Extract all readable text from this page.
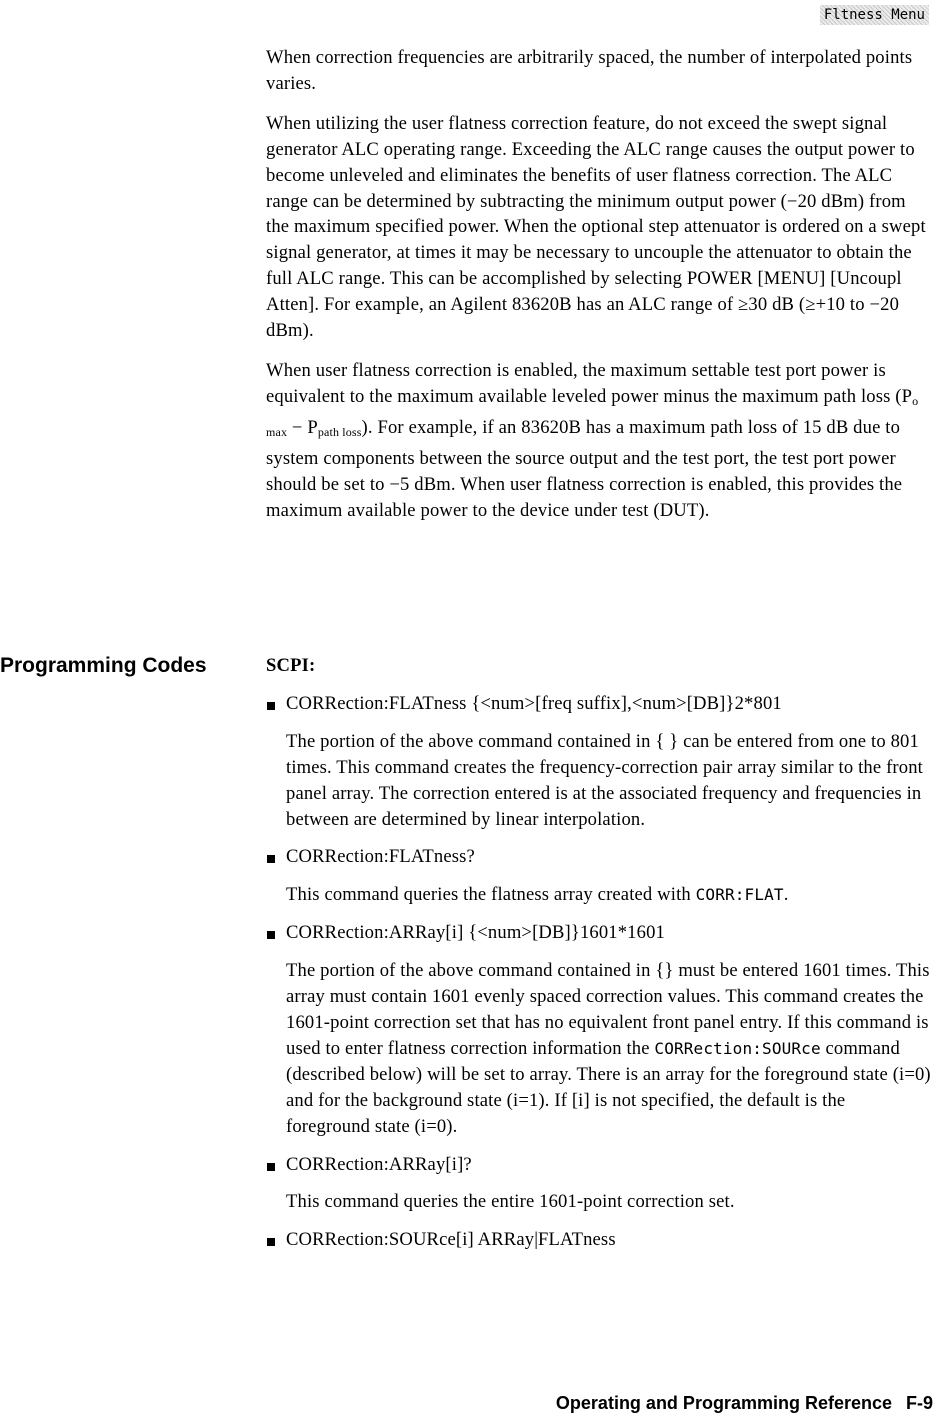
Fltness Menu

When correction frequencies are arbitrarily spaced, the number of interpolated points varies.

When utilizing the user flatness correction feature, do not exceed the swept signal generator ALC operating range. Exceeding the ALC range causes the output power to become unleveled and eliminates the benefits of user flatness correction. The ALC range can be determined by subtracting the minimum output power (−20 dBm) from the maximum specified power. When the optional step attenuator is ordered on a swept signal generator, at times it may be necessary to uncouple the attenuator to obtain the full ALC range. This can be accomplished by selecting POWER [MENU] [Uncoupl Atten]. For example, an Agilent 83620B has an ALC range of ≥30 dB (≥+10 to −20 dBm).

When user flatness correction is enabled, the maximum settable test port power is equivalent to the maximum available leveled power minus the maximum path loss $(P_{o max} - P_{path loss})$. For example, if an 83620B has a maximum path loss of 15 dB due to system components between the source output and the test port, the test port power should be set to −5 dBm. When user flatness correction is enabled, this provides the maximum available power to the device under test (DUT).

Programming Codes	SCPI:
CORRection:FLATness {<num>[freq suffix],<num>[DB]}2*801
The portion of the above command contained in { } can be entered from one to 801 times. This command creates the frequency-correction pair array similar to the front panel array. The correction entered is at the associated frequency and frequencies in between are determined by linear interpolation.
CORRection:FLATness?
This command queries the flatness array created with CORR:FLAT.
CORRection:ARRay[i] {<num>[DB]}1601*1601
The portion of the above command contained in {} must be entered 1601 times. This array must contain 1601 evenly spaced correction values. This command creates the 1601-point correction set that has no equivalent front panel entry. If this command is used to enter flatness correction information the CORRection:SOURce command (described below) will be set to array. There is an array for the foreground state (i=0) and for the background state (i=1). If [i] is not specified, the default is the foreground state (i=0).
CORRection:ARRay[i]?
This command queries the entire 1601-point correction set.
CORRection:SOURce[i] ARRay|FLATness
Operating and Programming Reference F-9
